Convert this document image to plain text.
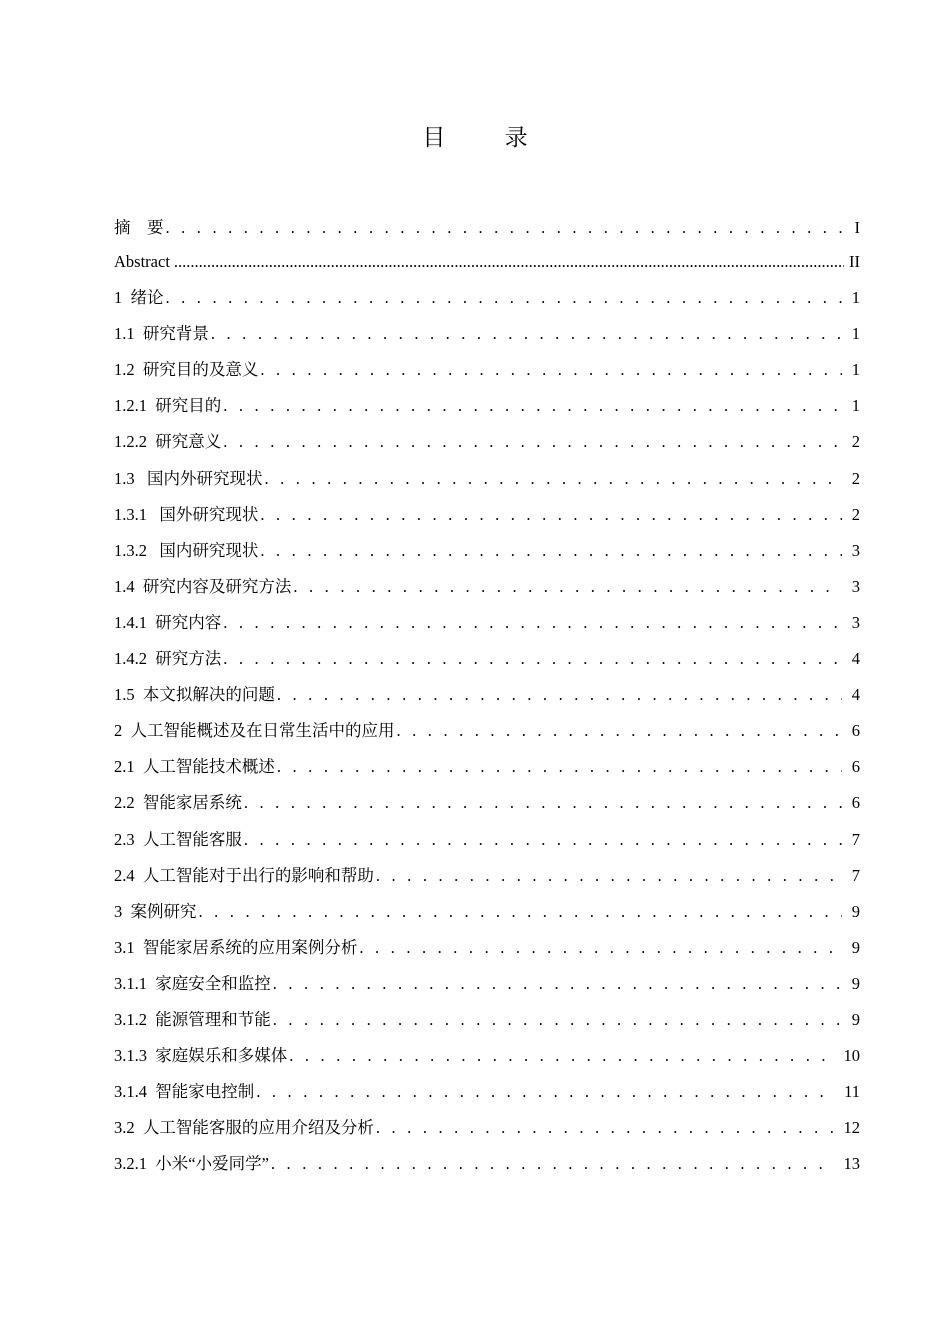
目 录
摘    要 . . .	I
Abstract .....	II
1  绪论 . . .	1
1.1  研究背景 . . .	1
1.2  研究目的及意义 . . .	1
1.2.1  研究目的 . . .	1
1.2.2  研究意义 . . .	2
1.3   国内外研究现状 . . .	2
1.3.1   国外研究现状 . . .	2
1.3.2   国内研究现状 . . .	3
1.4  研究内容及研究方法 . . .	3
1.4.1  研究内容 . . .	3
1.4.2  研究方法 . . .	4
1.5  本文拟解决的问题 . . .	4
2  人工智能概述及在日常生活中的应用 . . .	6
2.1  人工智能技术概述 . . .	6
2.2  智能家居系统 . . .	6
2.3  人工智能客服 . . .	7
2.4  人工智能对于出行的影响和帮助 . . .	7
3  案例研究 . . .	9
3.1  智能家居系统的应用案例分析 . . .	9
3.1.1  家庭安全和监控 . . .	9
3.1.2  能源管理和节能 . . .	9
3.1.3  家庭娱乐和多媒体 . . .	10
3.1.4  智能家电控制 . . .	11
3.2  人工智能客服的应用介绍及分析 . . .	12
3.2.1  小米“小爱同学” . . .	13
